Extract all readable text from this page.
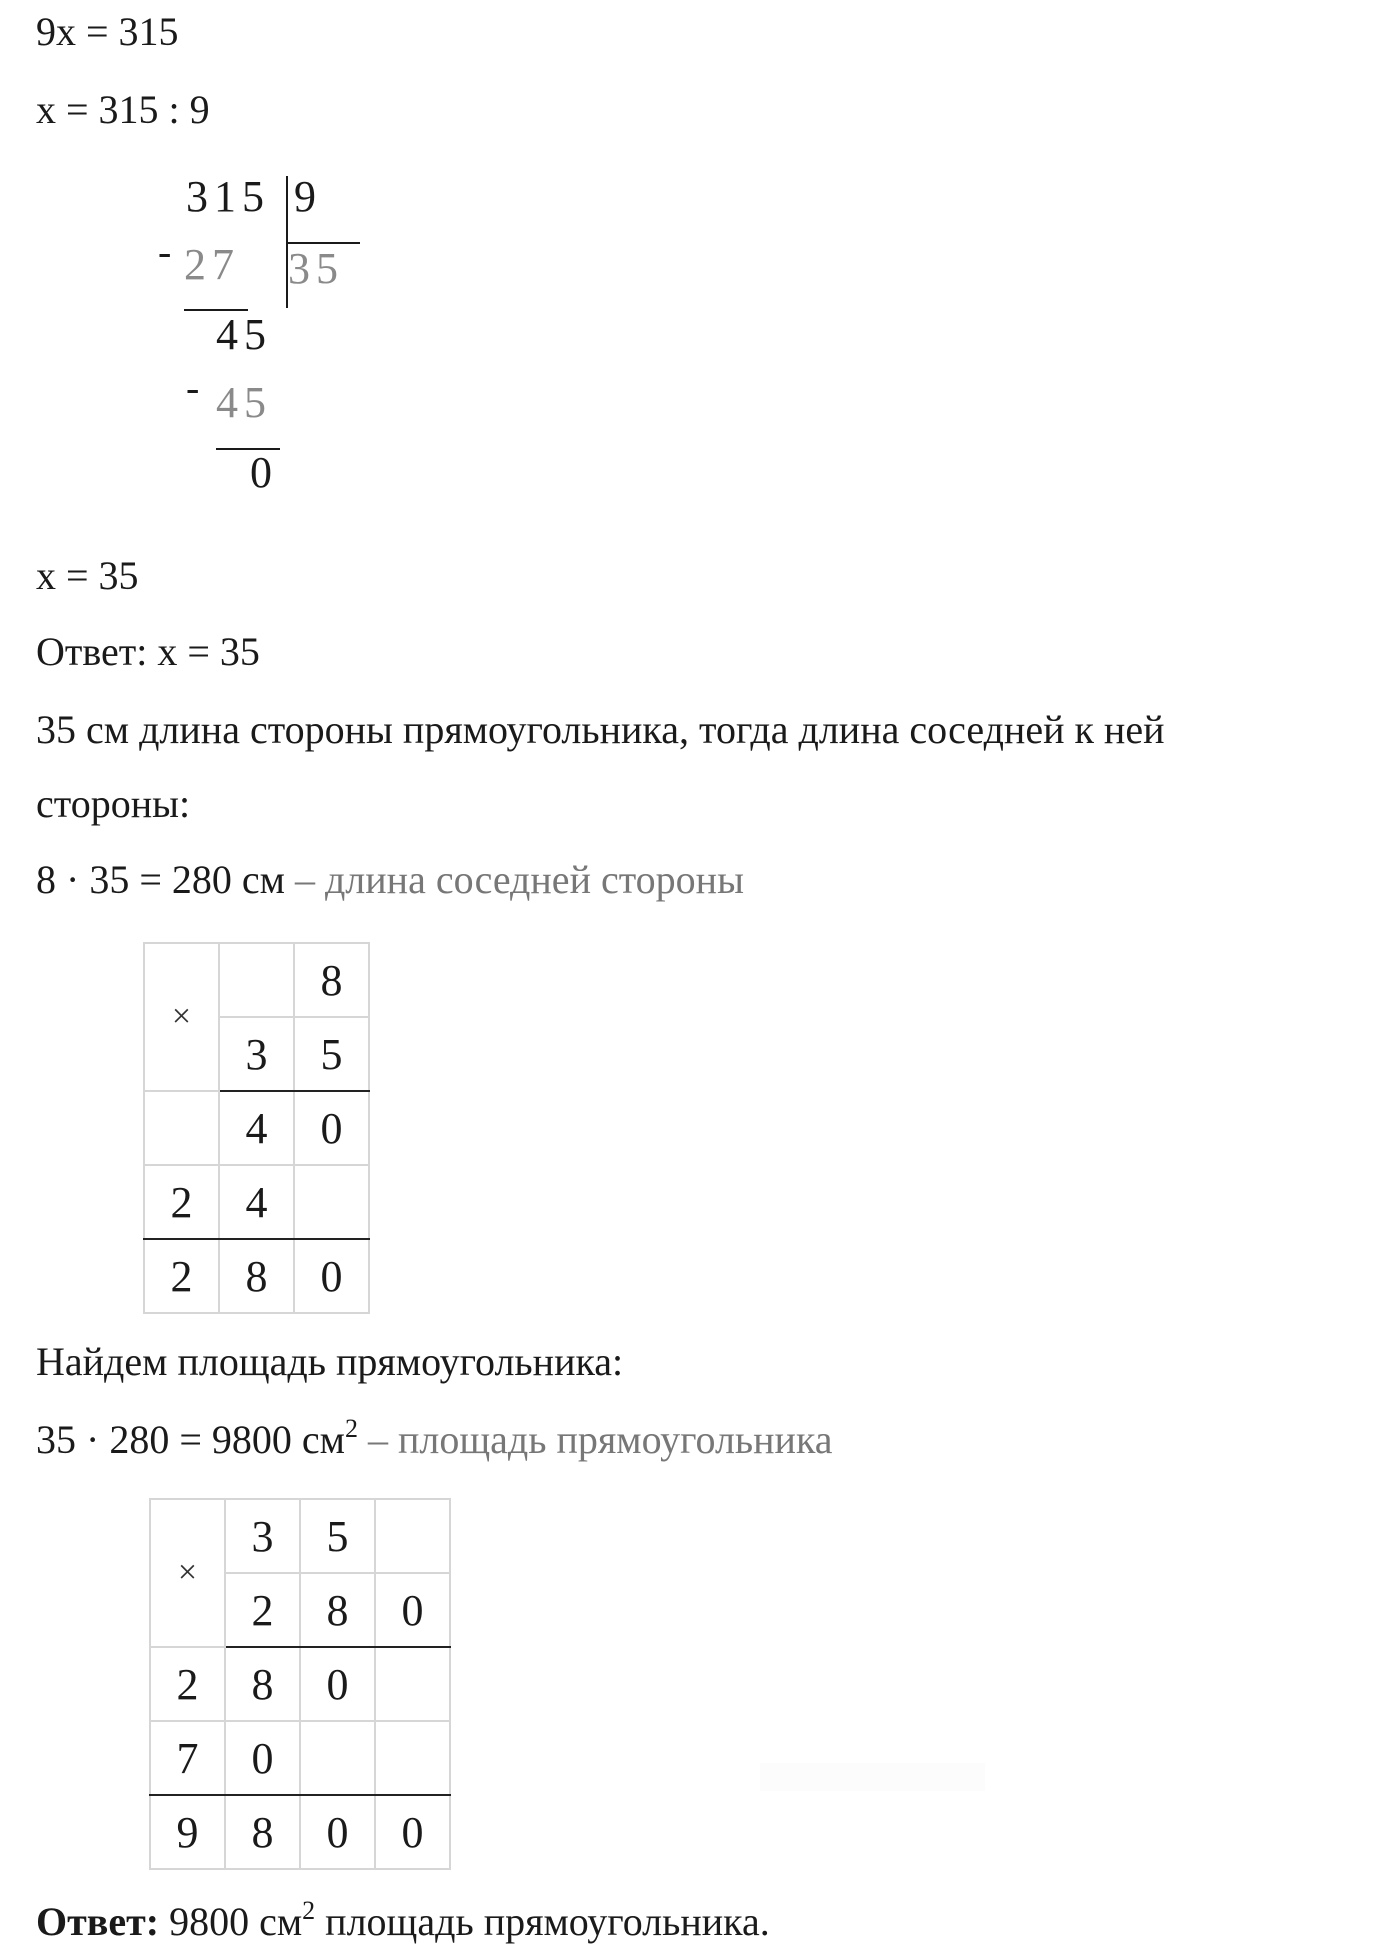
9x = 315

x = 315 : 9

315 9
- 27 35
45
- 45
0

x = 35

Ответ: x = 35

35 см длина стороны прямоугольника, тогда длина соседней к ней

стороны:

8 · 35 = 280 см – длина соседней стороны

×		8
	3	5
	4	0
2	4	
2	8	0

Найдем площадь прямоугольника:

35 · 280 = 9800 $см^2$ – площадь прямоугольника

×	3	5	
	2	8	0
2	8	0	
7	0		
9	8	0	0

Ответ: 9800 $см^2$ площадь прямоугольника.
